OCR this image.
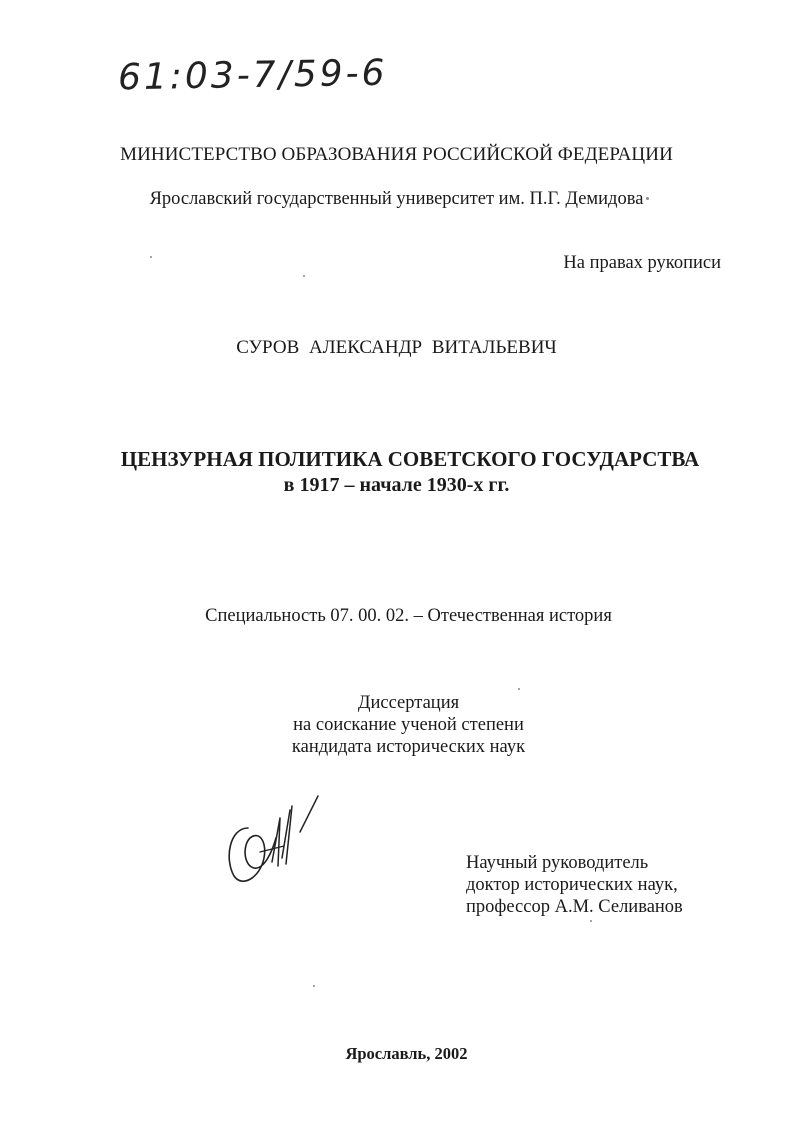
61:03-7/59-6
МИНИСТЕРСТВО ОБРАЗОВАНИЯ РОССИЙСКОЙ ФЕДЕРАЦИИ
Ярославский государственный университет им. П.Г. Демидова
На правах рукописи
СУРОВ АЛЕКСАНДР ВИТАЛЬЕВИЧ
ЦЕНЗУРНАЯ ПОЛИТИКА СОВЕТСКОГО ГОСУДАРСТВА
в 1917 – начале 1930-х гг.
Специальность 07. 00. 02. – Отечественная история
Диссертация
на соискание ученой степени
кандидата исторических наук
Научный руководитель
доктор исторических наук,
профессор А.М. Селиванов
Ярославль, 2002
